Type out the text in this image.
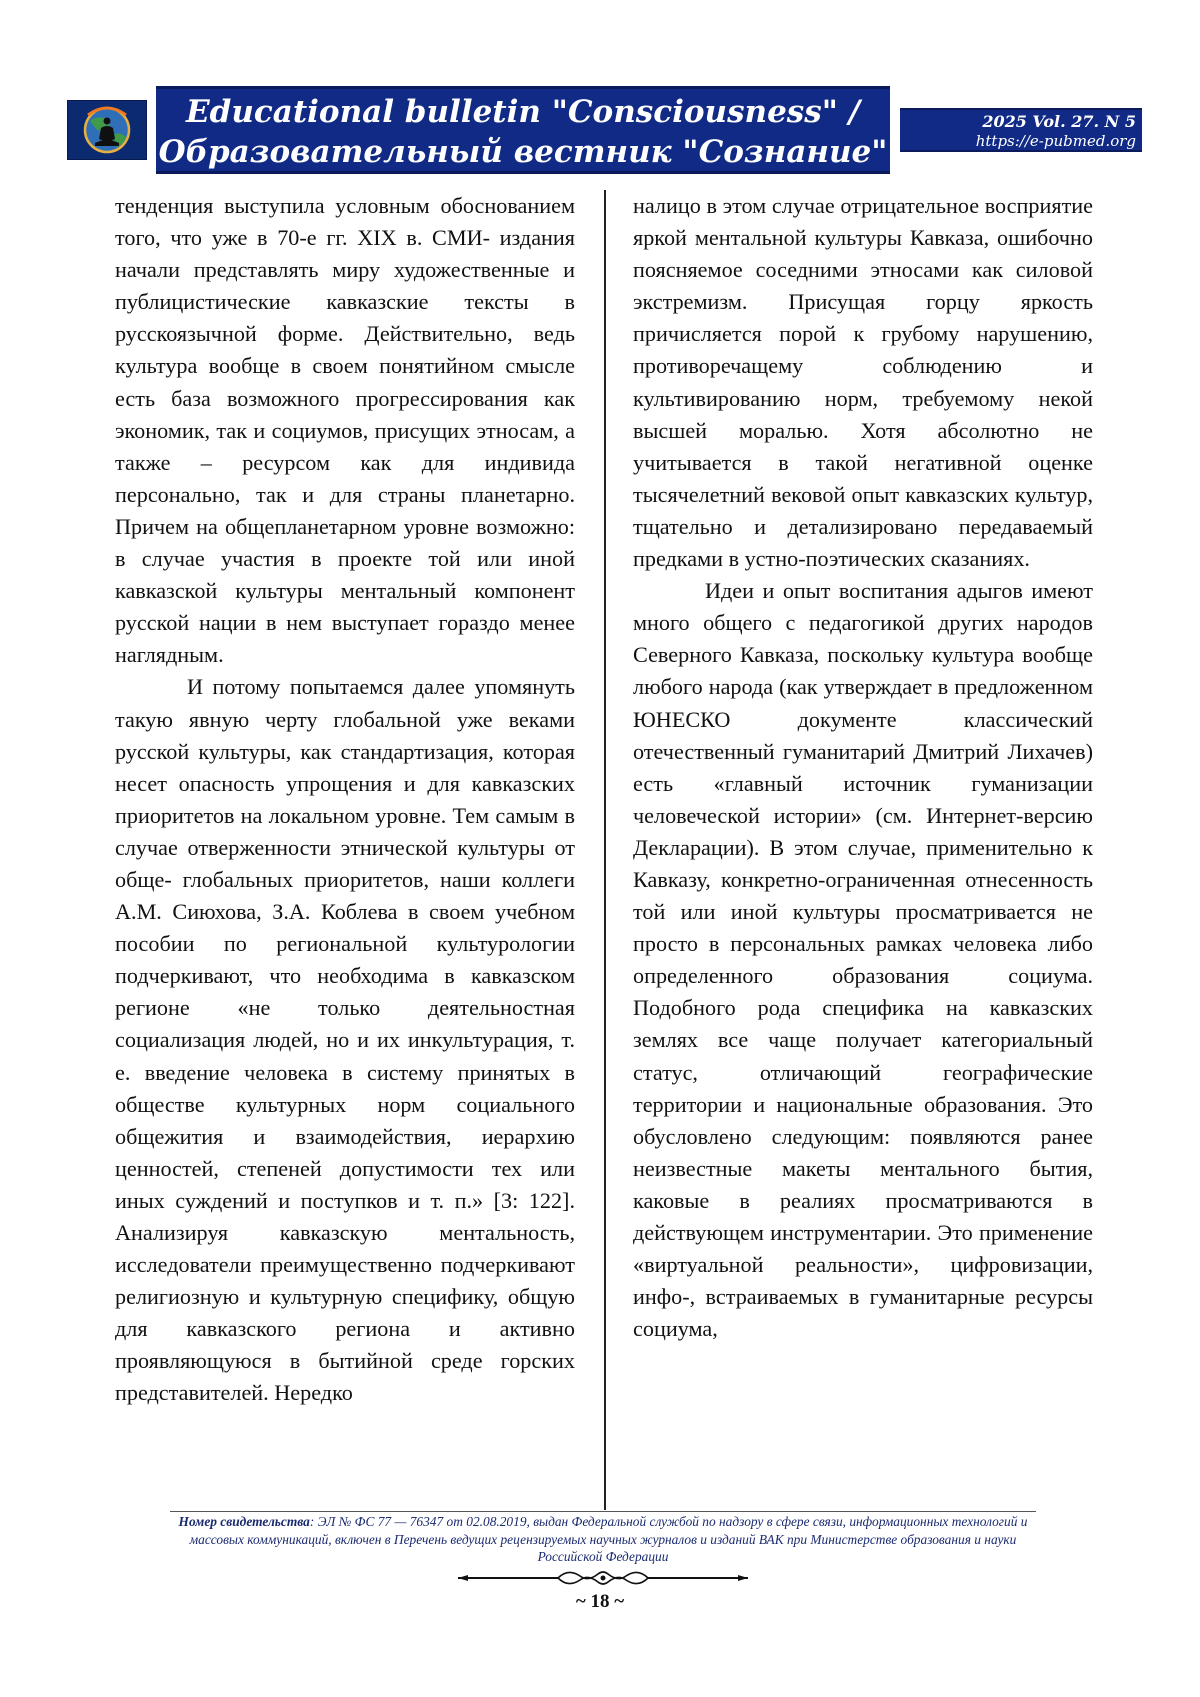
Educational bulletin "Consciousness" /
Образовательный вестник "Сознание"
2025 Vol. 27. N 5
https://e-pubmed.org

тенденция выступила условным обоснованием того, что уже в 70-е гг. XIX в. СМИ- издания начали представлять миру художественные и публицистические кавказские тексты в русскоязычной форме. Действительно, ведь культура вообще в своем понятийном смысле есть база возможного прогрессирования как экономик, так и социумов, присущих этносам, а также – ресурсом как для индивида персонально, так и для страны планетарно. Причем на общепланетарном уровне возможно: в случае участия в проекте той или иной кавказской культуры ментальный компонент русской нации в нем выступает гораздо менее наглядным.

И потому попытаемся далее упомянуть такую явную черту глобальной уже веками русской культуры, как стандартизация, которая несет опасность упрощения и для кавказских приоритетов на локальном уровне. Тем самым в случае отверженности этнической культуры от обще- глобальных приоритетов, наши коллеги А.М. Сиюхова, З.А. Коблева в своем учебном пособии по региональной культурологии подчеркивают, что необходима в кавказском регионе «не только деятельностная социализация людей, но и их инкультурация, т. е. введение человека в систему принятых в обществе культурных норм социального общежития и взаимодействия, иерархию ценностей, степеней допустимости тех или иных суждений и поступков и т. п.» [3: 122]. Анализируя кавказскую ментальность, исследователи преимущественно подчеркивают религиозную и культурную специфику, общую для кавказского региона и активно проявляющуюся в бытийной среде горских представителей. Нередко

налицо в этом случае отрицательное восприятие яркой ментальной культуры Кавказа, ошибочно поясняемое соседними этносами как силовой экстремизм. Присущая горцу яркость причисляется порой к грубому нарушению, противоречащему соблюдению и культивированию норм, требуемому некой высшей моралью. Хотя абсолютно не учитывается в такой негативной оценке тысячелетний вековой опыт кавказских культур, тщательно и детализировано передаваемый предками в устно-поэтических сказаниях.

Идеи и опыт воспитания адыгов имеют много общего с педагогикой других народов Северного Кавказа, поскольку культура вообще любого народа (как утверждает в предложенном ЮНЕСКО документе классический отечественный гуманитарий Дмитрий Лихачев) есть «главный источник гуманизации человеческой истории» (см. Интернет-версию Декларации). В этом случае, применительно к Кавказу, конкретно-ограниченная отнесенность той или иной культуры просматривается не просто в персональных рамках человека либо определенного образования социума. Подобного рода специфика на кавказских землях все чаще получает категориальный статус, отличающий географические территории и национальные образования. Это обусловлено следующим: появляются ранее неизвестные макеты ментального бытия, каковые в реалиях просматриваются в действующем инструментарии. Это применение «виртуальной реальности», цифровизации, инфо-, встраиваемых в гуманитарные ресурсы социума,

Номер свидетельства: ЭЛ № ФС 77 — 76347 от 02.08.2019, выдан Федеральной службой по надзору в сфере связи, информационных технологий и массовых коммуникаций, включен в Перечень ведущих рецензируемых научных журналов и изданий ВАК при Министерстве образования и науки Российской Федерации
~ 18 ~
